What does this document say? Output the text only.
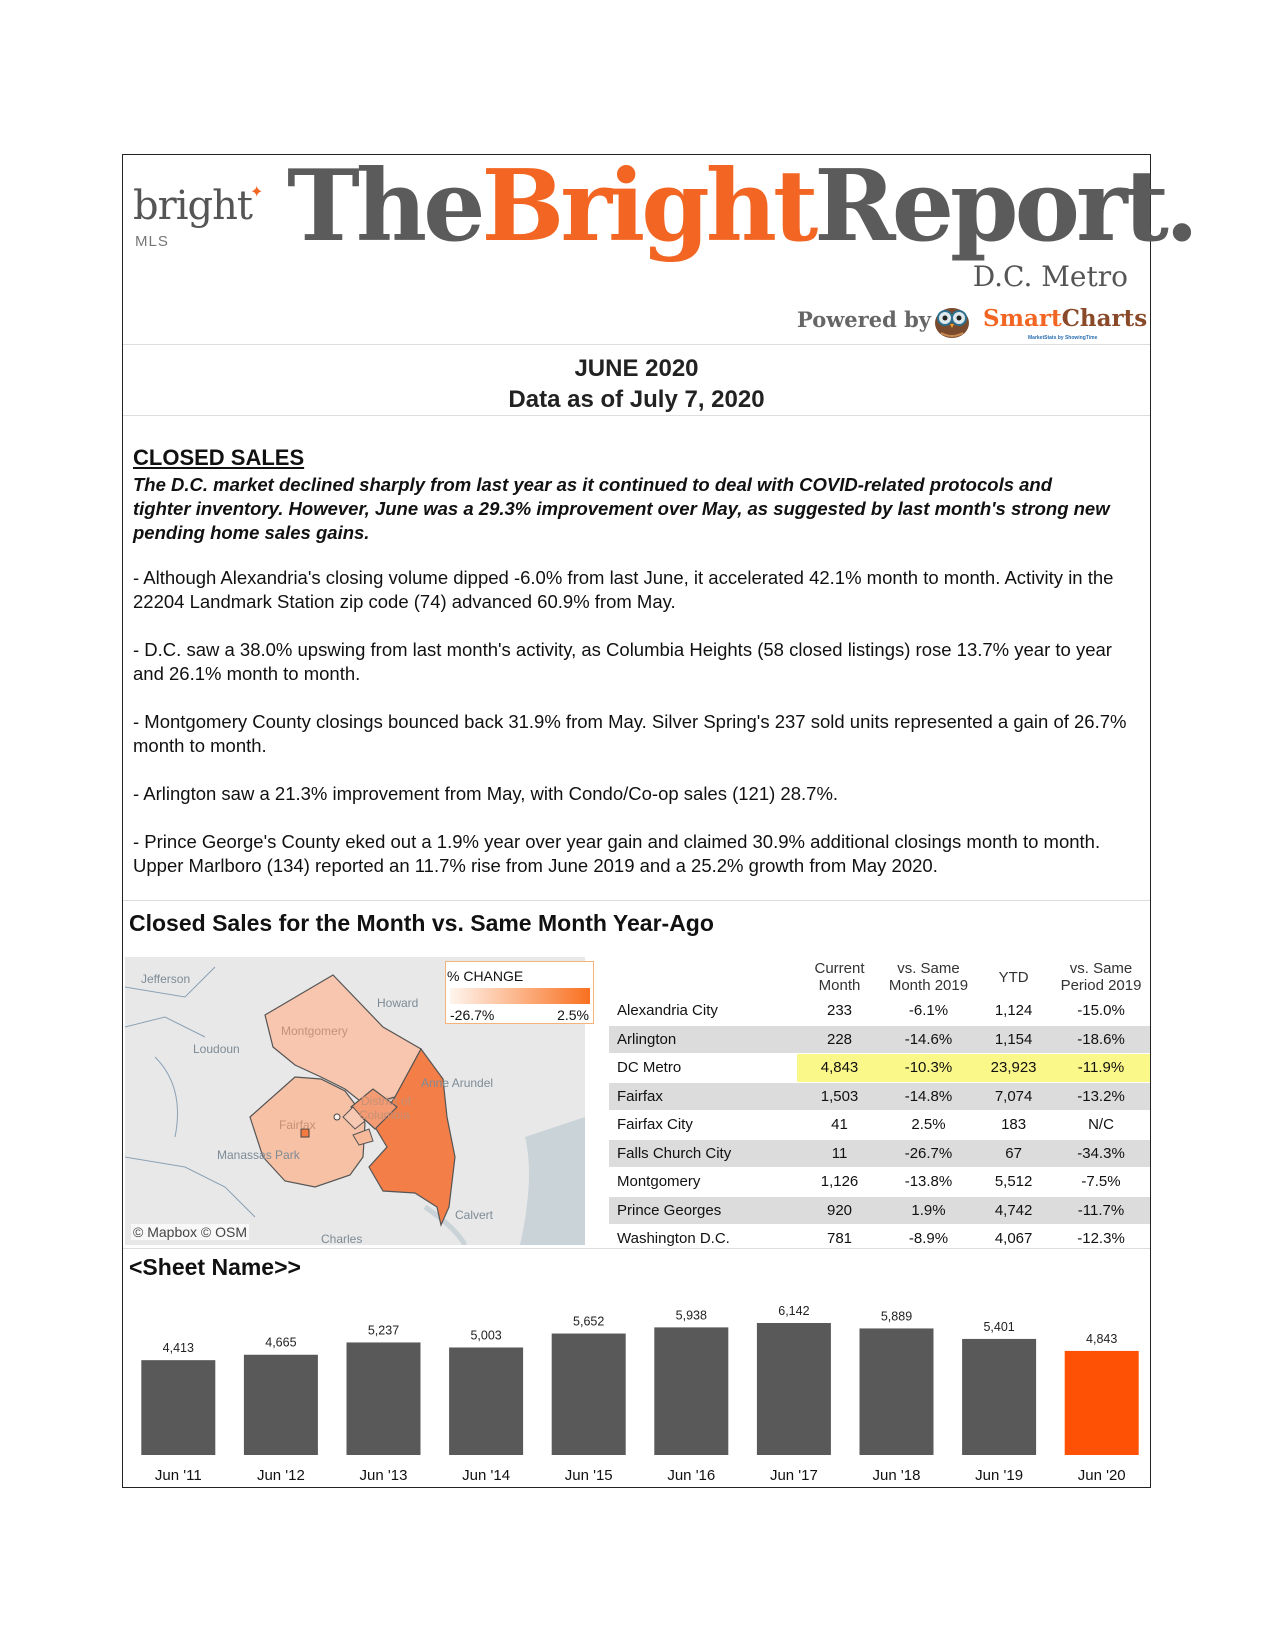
bright✦
MLS TheBrightReport.
D.C. Metro
Powered by SmartCharts
MarketStats by ShowingTime
JUNE 2020
Data as of July 7, 2020
CLOSED SALES

The D.C. market declined sharply from last year as it continued to deal with COVID-related protocols and tighter inventory. However, June was a 29.3% improvement over May, as suggested by last month's strong new pending home sales gains.

- Although Alexandria's closing volume dipped -6.0% from last June, it accelerated 42.1% month to month. Activity in the 22204 Landmark Station zip code (74) advanced 60.9% from May.

- D.C. saw a 38.0% upswing from last month's activity, as Columbia Heights (58 closed listings) rose 13.7% year to year and 26.1% month to month.

- Montgomery County closings bounced back 31.9% from May. Silver Spring's 237 sold units represented a gain of 26.7% month to month.

- Arlington saw a 21.3% improvement from May, with Condo/Co-op sales (121) 28.7%.

- Prince George's County eked out a 1.9% year over year gain and claimed 30.9% additional closings month to month. Upper Marlboro (134) reported an 11.7% rise from June 2019 and a 25.2% growth from May 2020.

Closed Sales for the Month vs. Same Month Year-Ago
Jefferson
Howard
Loudoun
Montgomery
Anne Arundel
District of
Columbia
Fairfax
Manassas Park
Calvert
Charles
% CHANGE
-26.7%	2.5%
© Mapbox © OSM
	Current Month	vs. Same Month 2019	YTD	vs. Same Period 2019
Alexandria City	233	-6.1%	1,124	-15.0%
Arlington	228	-14.6%	1,154	-18.6%
DC Metro	4,843	-10.3%	23,923	-11.9%
Fairfax	1,503	-14.8%	7,074	-13.2%
Fairfax City	41	2.5%	183	N/C
Falls Church City	11	-26.7%	67	-34.3%
Montgomery	1,126	-13.8%	5,512	-7.5%
Prince Georges	920	1.9%	4,742	-11.7%
Washington D.C.	781	-8.9%	4,067	-12.3%
<Sheet Name>>
4,413
Jun '11
4,665
Jun '12
5,237
Jun '13
5,003
Jun '14
5,652
Jun '15
5,938
Jun '16
6,142
Jun '17
5,889
Jun '18
5,401
Jun '19
4,843
Jun '20
